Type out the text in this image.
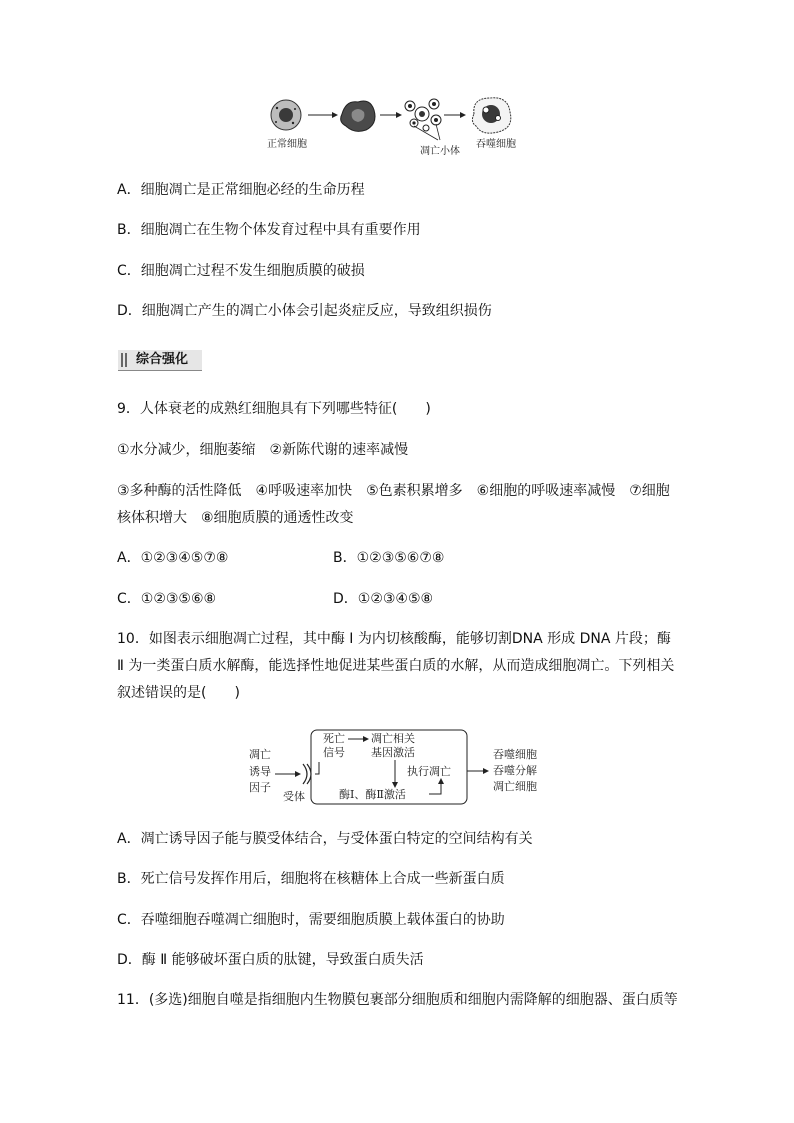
正常细胞
凋亡小体
吞噬细胞
A．细胞凋亡是正常细胞必经的生命历程
B．细胞凋亡在生物个体发育过程中具有重要作用
C．细胞凋亡过程不发生细胞质膜的破损
D．细胞凋亡产生的凋亡小体会引起炎症反应，导致组织损伤
综合强化
9．人体衰老的成熟红细胞具有下列哪些特征(　　)
①水分减少，细胞萎缩　②新陈代谢的速率减慢
③多种酶的活性降低　④呼吸速率加快　⑤色素积累增多　⑥细胞的呼吸速率减慢　⑦细胞
核体积增大　⑧细胞质膜的通透性改变
A．①②③④⑤⑦⑧	B．①②③⑤⑥⑦⑧
C．①②③⑤⑥⑧	D．①②③④⑤⑧
10．如图表示细胞凋亡过程，其中酶 Ⅰ 为内切核酸酶，能够切割DNA 形成 DNA 片段；酶
Ⅱ 为一类蛋白质水解酶，能选择性地促进某些蛋白质的水解，从而造成细胞凋亡。下列相关
叙述错误的是(　　)
凋亡
诱导
因子
受体
死亡
信号
凋亡相关
基因激活
酶Ⅰ、酶Ⅱ激活
执行凋亡
吞噬细胞
吞噬分解
凋亡细胞
A．凋亡诱导因子能与膜受体结合，与受体蛋白特定的空间结构有关
B．死亡信号发挥作用后，细胞将在核糖体上合成一些新蛋白质
C．吞噬细胞吞噬凋亡细胞时，需要细胞质膜上载体蛋白的协助
D．酶 Ⅱ 能够破坏蛋白质的肽键，导致蛋白质失活
11．(多选)细胞自噬是指细胞内生物膜包裹部分细胞质和细胞内需降解的细胞器、蛋白质等
